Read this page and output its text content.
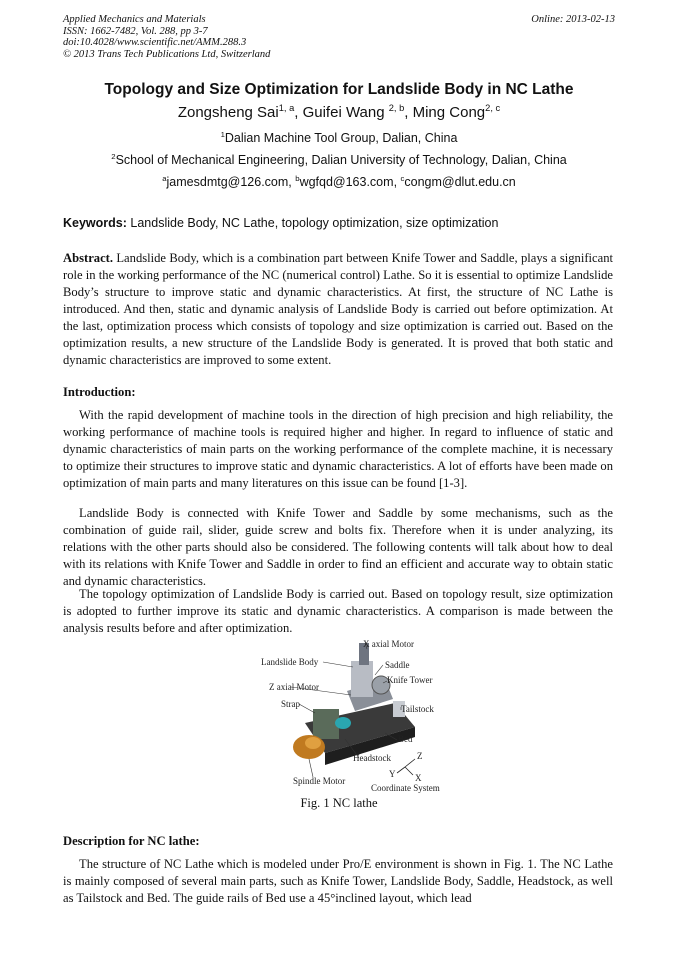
Applied Mechanics and Materials
ISSN: 1662-7482, Vol. 288, pp 3-7
doi:10.4028/www.scientific.net/AMM.288.3
© 2013 Trans Tech Publications Ltd, Switzerland
Online: 2013-02-13
Topology and Size Optimization for Landslide Body in NC Lathe
Zongsheng Sai$^{1, a}$, Guifei Wang $^{2, b}$, Ming Cong$^{2, c}$
$^1$Dalian Machine Tool Group, Dalian, China
$^2$School of Mechanical Engineering, Dalian University of Technology, Dalian, China
$^a$jamesdmtg@126.com, $^b$wgfqd@163.com, $^c$congm@dlut.edu.cn
Keywords: Landslide Body, NC Lathe, topology optimization, size optimization
Abstract. Landslide Body, which is a combination part between Knife Tower and Saddle, plays a significant role in the working performance of the NC (numerical control) Lathe. So it is essential to optimize Landslide Body’s structure to improve static and dynamic characteristics. At first, the structure of NC Lathe is introduced. And then, static and dynamic analysis of Landslide Body is carried out before optimization. At the last, optimization process which consists of topology and size optimization is carried out. Based on the optimization results, a new structure of the Landslide Body is generated. It is proved that both static and dynamic characteristics are improved to some extent.
Introduction:
With the rapid development of machine tools in the direction of high precision and high reliability, the working performance of machine tools is required higher and higher. In regard to influence of static and dynamic characteristics of main parts on the working performance of the complete machine, it is necessary to optimize their structures to improve static and dynamic characteristics. A lot of efforts have been made on optimization of main parts and many literatures on this issue can be found [1-3].
Landslide Body is connected with Knife Tower and Saddle by some mechanisms, such as the combination of guide rail, slider, guide screw and bolts fix. Therefore when it is under analyzing, its relations with the other parts should also be considered. The following contents will talk about how to deal with its relations with Knife Tower and Saddle in order to find an efficient and accurate way to obtain static and dynamic characteristics.
The topology optimization of Landslide Body is carried out. Based on topology result, size optimization is adopted to further improve its static and dynamic characteristics. A comparison is made between the analysis results before and after optimization.
X axial Motor
Landslide Body	Saddle
Knife Tower
Z axial Motor
Strap	Tailstock
Bed
Headstock
Spindle Motor
Z
Y X
Coordinate System
Fig. 1 NC lathe
Description for NC lathe:
The structure of NC Lathe which is modeled under Pro/E environment is shown in Fig. 1. The NC Lathe is mainly composed of several main parts, such as Knife Tower, Landslide Body, Saddle, Headstock, as well as Tailstock and Bed. The guide rails of Bed use a 45°inclined layout, which lead
